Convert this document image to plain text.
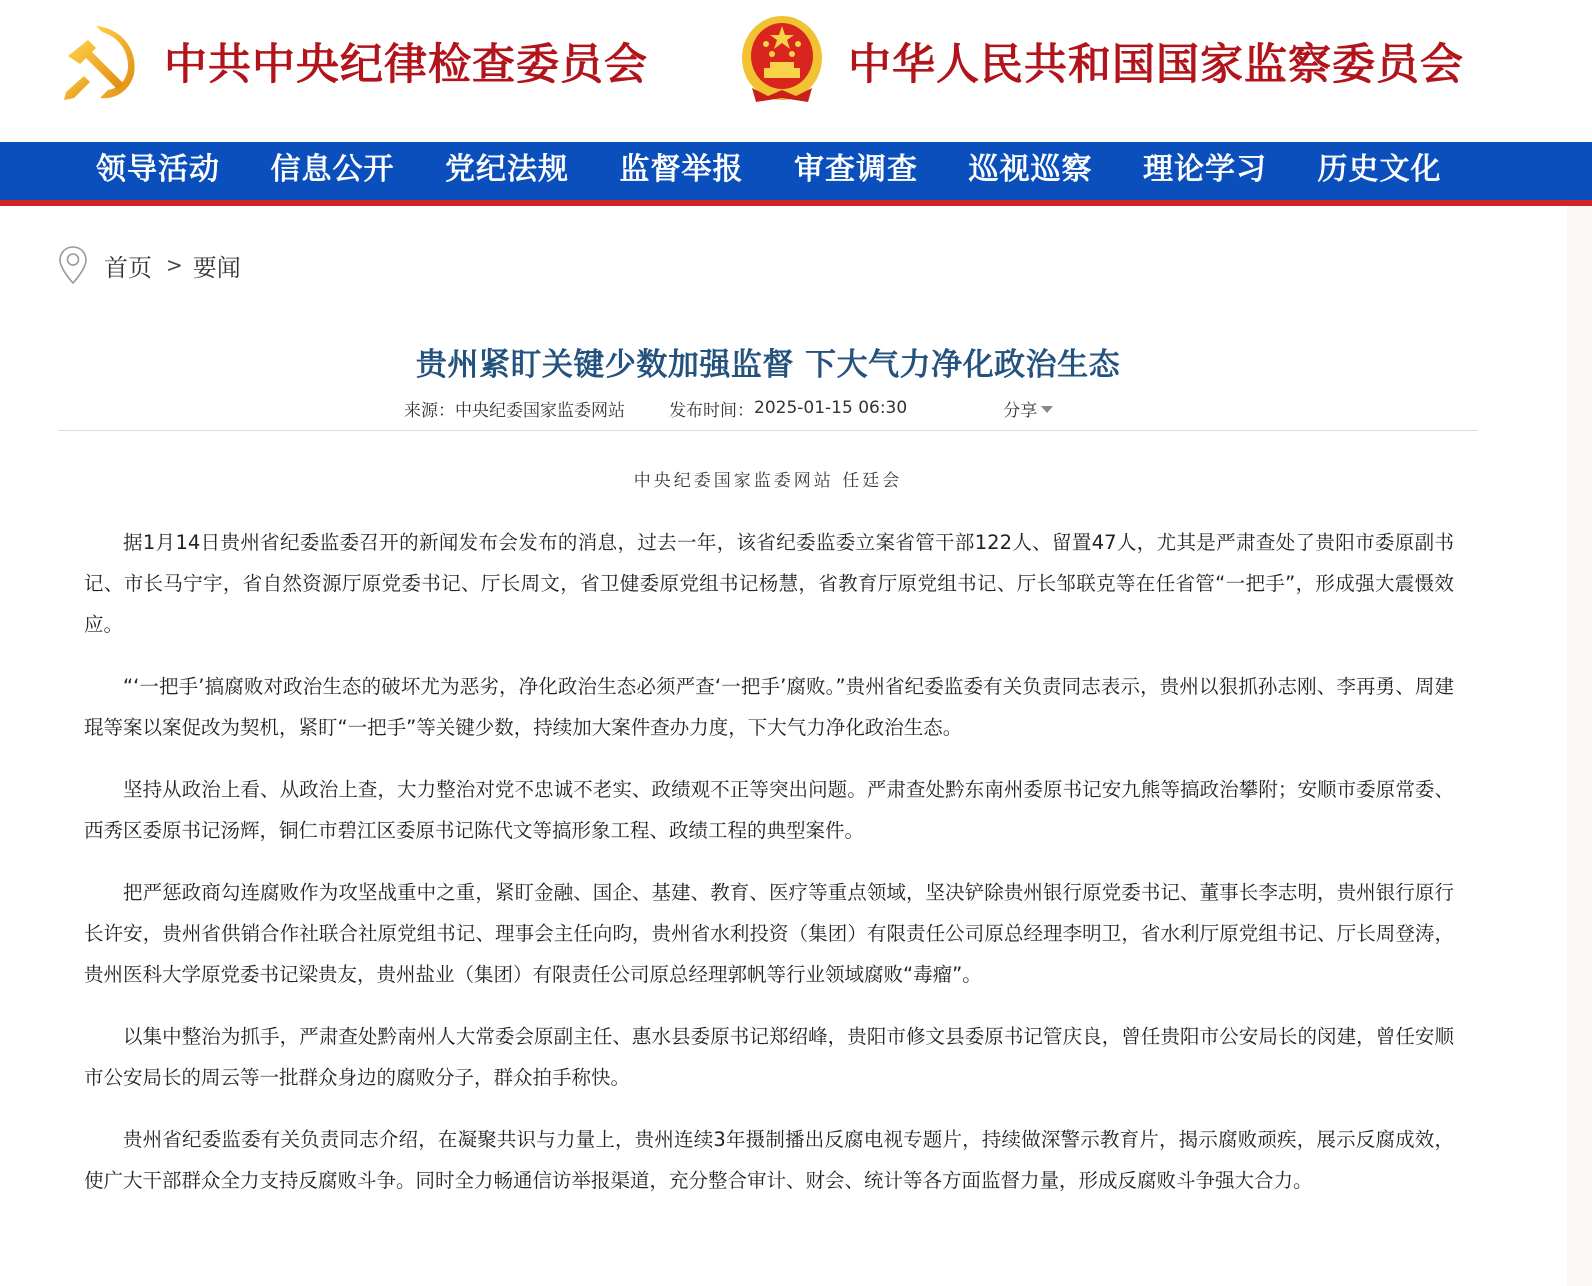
中共中央纪律检查委员会	中华人民共和国国家监察委员会
领导活动	信息公开	党纪法规	监督举报	审查调查	巡视巡察	理论学习	历史文化
首页 > 要闻
贵州紧盯关键少数加强监督 下大气力净化政治生态
来源： 中央纪委国家监委网站	发布时间： 2025-01-15 06:30	分享
中央纪委国家监委网站 任廷会

据1月14日贵州省纪委监委召开的新闻发布会发布的消息，过去一年，该省纪委监委立案省管干部122人、留置47人，尤其是严肃查处了贵阳市委原副书记、市长马宁宇，省自然资源厅原党委书记、厅长周文，省卫健委原党组书记杨慧，省教育厅原党组书记、厅长邹联克等在任省管“一把手”，形成强大震慑效应。

“‘一把手’搞腐败对政治生态的破坏尤为恶劣，净化政治生态必须严查‘一把手’腐败。”贵州省纪委监委有关负责同志表示，贵州以狠抓孙志刚、李再勇、周建琨等案以案促改为契机，紧盯“一把手”等关键少数，持续加大案件查办力度，下大气力净化政治生态。

坚持从政治上看、从政治上查，大力整治对党不忠诚不老实、政绩观不正等突出问题。严肃查处黔东南州委原书记安九熊等搞政治攀附；安顺市委原常委、西秀区委原书记汤辉，铜仁市碧江区委原书记陈代文等搞形象工程、政绩工程的典型案件。

把严惩政商勾连腐败作为攻坚战重中之重，紧盯金融、国企、基建、教育、医疗等重点领域，坚决铲除贵州银行原党委书记、董事长李志明，贵州银行原行长许安，贵州省供销合作社联合社原党组书记、理事会主任向昀，贵州省水利投资（集团）有限责任公司原总经理李明卫，省水利厅原党组书记、厅长周登涛，贵州医科大学原党委书记梁贵友，贵州盐业（集团）有限责任公司原总经理郭帆等行业领域腐败“毒瘤”。

以集中整治为抓手，严肃查处黔南州人大常委会原副主任、惠水县委原书记郑绍峰，贵阳市修文县委原书记管庆良，曾任贵阳市公安局长的闵建，曾任安顺市公安局长的周云等一批群众身边的腐败分子，群众拍手称快。

贵州省纪委监委有关负责同志介绍，在凝聚共识与力量上，贵州连续3年摄制播出反腐电视专题片，持续做深警示教育片，揭示腐败顽疾，展示反腐成效，使广大干部群众全力支持反腐败斗争。同时全力畅通信访举报渠道，充分整合审计、财会、统计等各方面监督力量，形成反腐败斗争强大合力。
